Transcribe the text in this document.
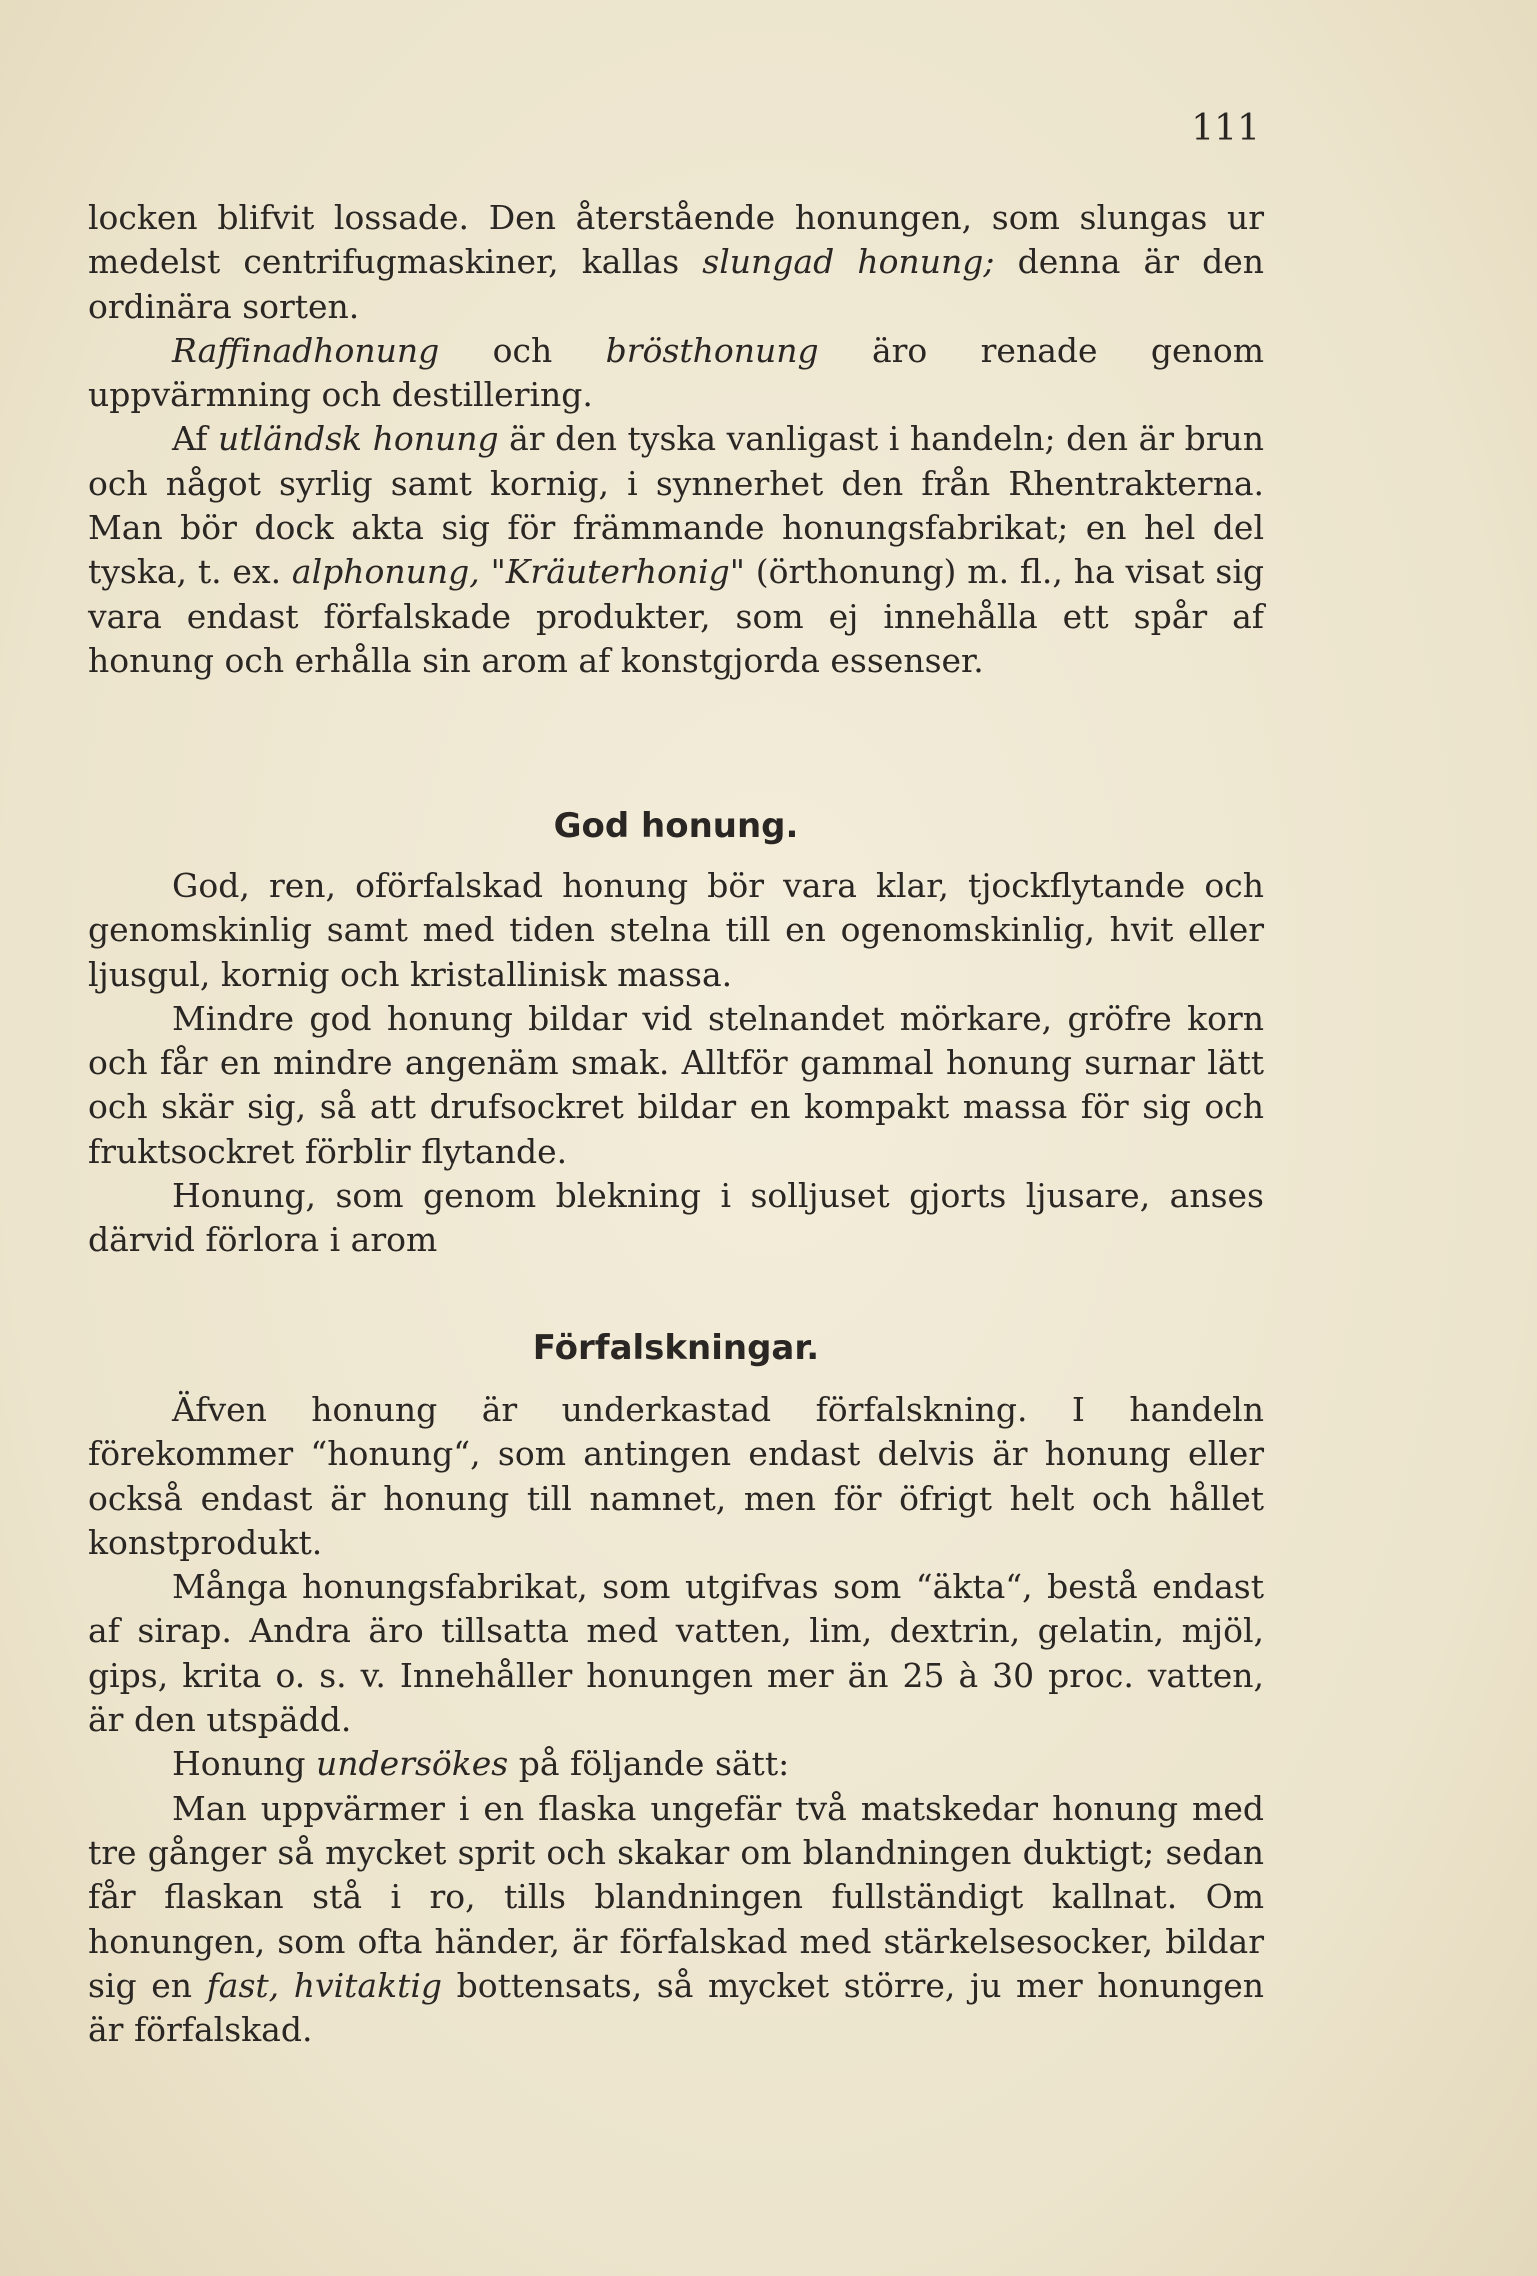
111

locken blifvit lossade. Den återstående honungen, som slungas ur medelst centrifugmaskiner, kallas slungad honung; denna är den ordinära sorten.

Raffinadhonung och brösthonung äro renade genom uppvärmning och destillering.

Af utländsk honung är den tyska vanligast i handeln; den är brun och något syrlig samt kornig, i synnerhet den från Rhentrakterna. Man bör dock akta sig för främmande honungsfabrikat; en hel del tyska, t. ex. alphonung, "Kräuterhonig" (örthonung) m. fl., ha visat sig vara endast förfalskade produkter, som ej innehålla ett spår af honung och erhålla sin arom af konstgjorda essenser.

God honung.

God, ren, oförfalskad honung bör vara klar, tjockflytande och genomskinlig samt med tiden stelna till en ogenomskinlig, hvit eller ljusgul, kornig och kristallinisk massa.

Mindre god honung bildar vid stelnandet mörkare, gröfre korn och får en mindre angenäm smak. Alltför gammal honung surnar lätt och skär sig, så att drufsockret bildar en kompakt massa för sig och fruktsockret förblir flytande.

Honung, som genom blekning i solljuset gjorts ljusare, anses därvid förlora i arom

Förfalskningar.

Äfven honung är underkastad förfalskning. I handeln förekommer “honung“, som antingen endast delvis är honung eller också endast är honung till namnet, men för öfrigt helt och hållet konstprodukt.

Många honungsfabrikat, som utgifvas som “äkta“, bestå endast af sirap. Andra äro tillsatta med vatten, lim, dextrin, gelatin, mjöl, gips, krita o. s. v. Innehåller honungen mer än 25 à 30 proc. vatten, är den utspädd.

Honung undersökes på följande sätt:

Man uppvärmer i en flaska ungefär två matskedar honung med tre gånger så mycket sprit och skakar om blandningen duktigt; sedan får flaskan stå i ro, tills blandningen fullständigt kallnat. Om honungen, som ofta händer, är förfalskad med stärkelsesocker, bildar sig en fast, hvitaktig bottensats, så mycket större, ju mer honungen är förfalskad.
